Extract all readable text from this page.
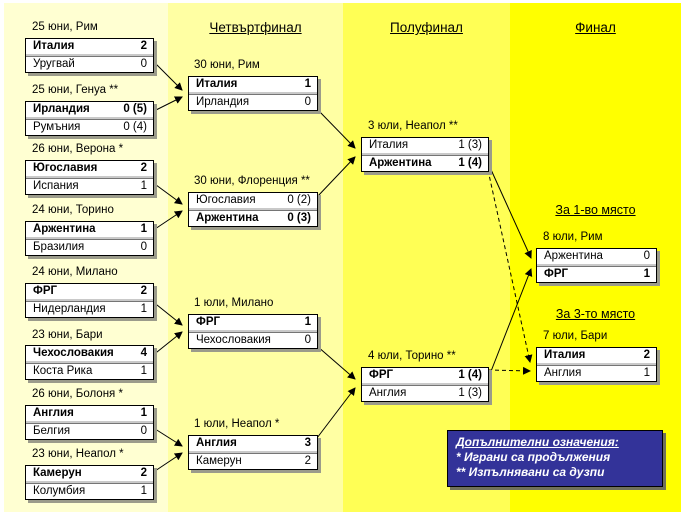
Четвъртфинал	Полуфинал	Финал
За 1-во място
За 3-то място
25 юни, Рим
Италия	2
Уругвай	0
25 юни, Генуа **
Ирландия	0 (5)
Румъния	0 (4)
26 юни, Верона *
Югославия	2
Испания	1
24 юни, Торино
Аржентина	1
Бразилия	0
24 юни, Милано
ФРГ	2
Нидерландия	1
23 юни, Бари
Чехословакия	4
Коста Рика	1
26 юни, Болоня *
Англия	1
Белгия	0
23 юни, Неапол *
Камерун	2
Колумбия	1
30 юни, Рим
Италия	1
Ирландия	0
30 юни, Флоренция **
Югославия	0 (2)
Аржентина	0 (3)
1 юли, Милано
ФРГ	1
Чехословакия	0
1 юли, Неапол *
Англия	3
Камерун	2
3 юли, Неапол **
Италия	1 (3)
Аржентина	1 (4)
4 юли, Торино **
ФРГ	1 (4)
Англия	1 (3)
8 юли, Рим
Аржентина	0
ФРГ	1
7 юли, Бари
Италия	2
Англия	1
Допълнителни означения:
* Играни са продължения
** Изпълнявани са дузпи
